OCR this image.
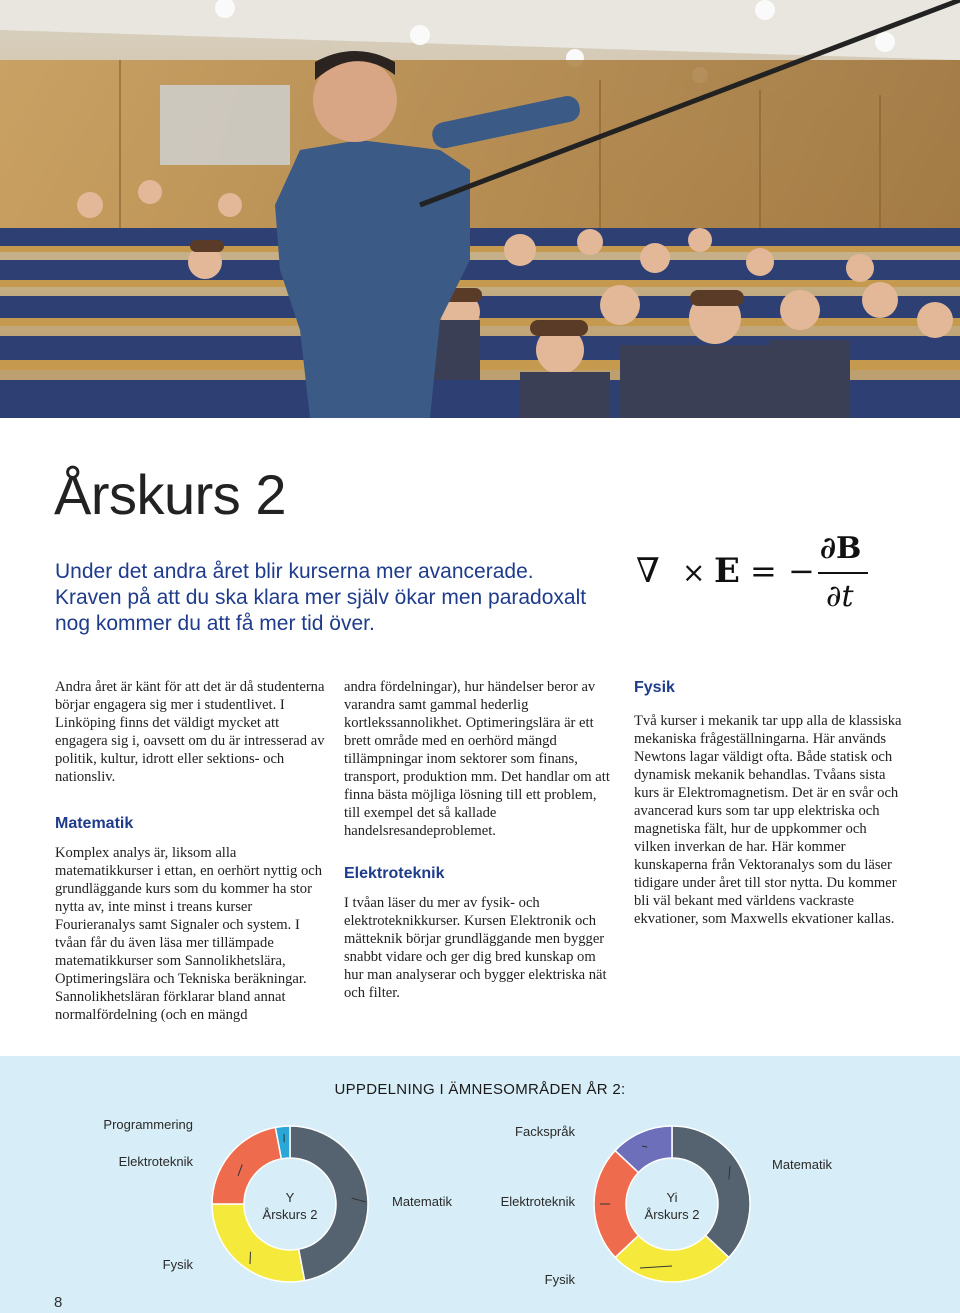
Årskurs 2

Under det andra året blir kurserna mer avancerade. Kraven på att du ska klara mer själv ökar men paradoxalt nog kommer du att få mer tid över.

∇ × E = −
∂B
∂t

Andra året är känt för att det är då studenterna börjar engagera sig mer i studentlivet. I Linköping finns det väldigt mycket att engagera sig i, oavsett om du är intresserad av politik, kultur, idrott eller sektions- och nationsliv.

Matematik

Komplex analys är, liksom alla matematikkurser i ettan, en oerhört nyttig och grundläggande kurs som du kommer ha stor nytta av, inte minst i treans kurser Fourieranalys samt Signaler och system. I tvåan får du även läsa mer tillämpade matematikkurser som Sannolikhetslära, Optimeringslära och Tekniska beräkningar. Sannolikhetsläran förklarar bland annat normalfördelning (och en mängd

andra fördelningar), hur händelser beror av varandra samt gammal hederlig kortlekssannolikhet. Optimeringslära är ett brett område med en oerhörd mängd tillämpningar inom sektorer som finans, transport, produktion mm. Det handlar om att finna bästa möjliga lösning till ett problem, till exempel det så kallade handelsresandeproblemet.

Elektroteknik

I tvåan läser du mer av fysik- och elektroteknikkurser. Kursen Elektronik och mätteknik börjar grundläggande men bygger snabbt vidare och ger dig bred kunskap om hur man analyserar och bygger elektriska nät och filter.

Fysik

Två kurser i mekanik tar upp alla de klassiska mekaniska frågeställningarna. Här används Newtons lagar väldigt ofta. Både statisk och dynamisk mekanik behandlas. Tvåans sista kurs är Elektromagnetism. Det är en svår och avancerad kurs som tar upp elektriska och magnetiska fält, hur de uppkommer och vilken inverkan de har. Här kommer kunskaperna från Vektoranalys som du läser tidigare under året till stor nytta. Du kommer bli väl bekant med världens vackraste ekvationer, som Maxwells ekvationer kallas.

UPPDELNING I ÄMNESOMRÅDEN ÅR 2:
Matematik
Fysik
Elektroteknik
Programmering
Y
Årskurs 2
Matematik
Fysik
Elektroteknik
Fackspråk
Yi
Årskurs 2
8
